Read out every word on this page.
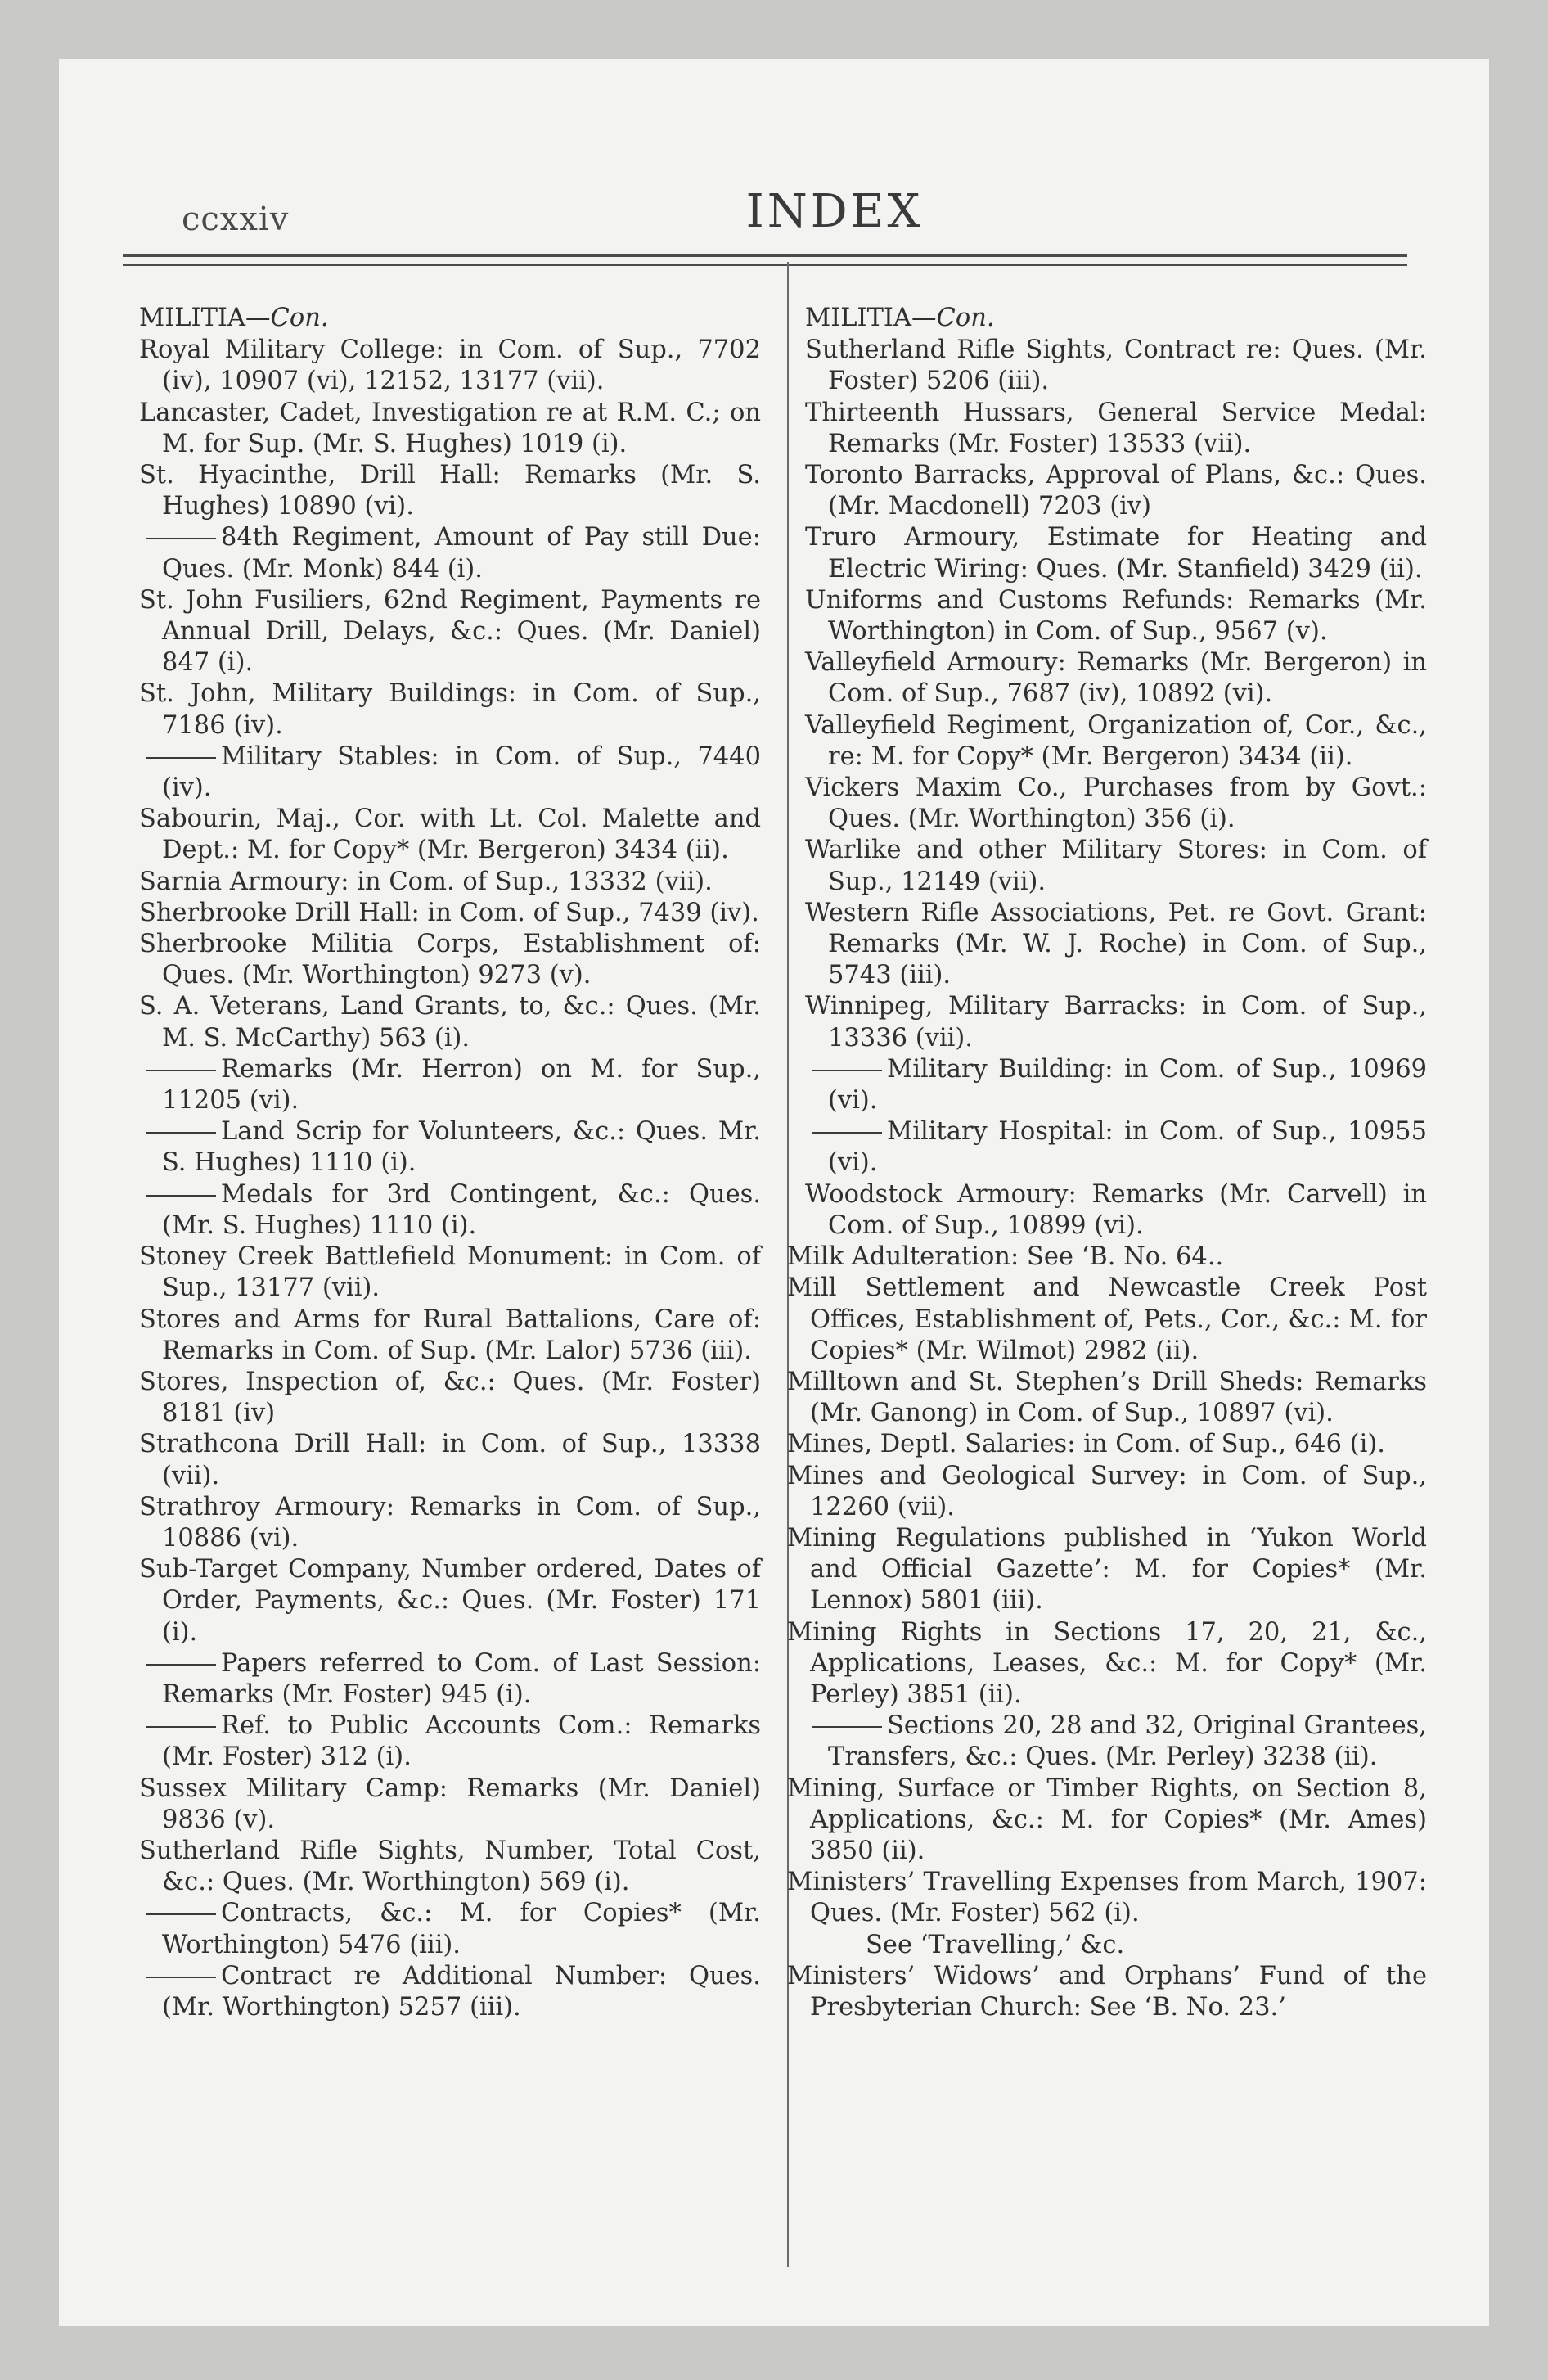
ccxxiv	INDEX

MILITIA—Con.

Royal Military College: in Com. of Sup., 7702 (iv), 10907 (vi), 12152, 13177 (vii).

Lancaster, Cadet, Investigation re at R.M. C.; on M. for Sup. (Mr. S. Hughes) 1019 (i).

St. Hyacinthe, Drill Hall: Remarks (Mr. S. Hughes) 10890 (vi).

84th Regiment, Amount of Pay still Due: Ques. (Mr. Monk) 844 (i).

St. John Fusiliers, 62nd Regiment, Payments re Annual Drill, Delays, &c.: Ques. (Mr. Daniel) 847 (i).

St. John, Military Buildings: in Com. of Sup., 7186 (iv).

Military Stables: in Com. of Sup., 7440 (iv).

Sabourin, Maj., Cor. with Lt. Col. Malette and Dept.: M. for Copy* (Mr. Bergeron) 3434 (ii).

Sarnia Armoury: in Com. of Sup., 13332 (vii).

Sherbrooke Drill Hall: in Com. of Sup., 7439 (iv).

Sherbrooke Militia Corps, Establishment of: Ques. (Mr. Worthington) 9273 (v).

S. A. Veterans, Land Grants, to, &c.: Ques. (Mr. M. S. McCarthy) 563 (i).

Remarks (Mr. Herron) on M. for Sup., 11205 (vi).

Land Scrip for Volunteers, &c.: Ques. Mr. S. Hughes) 1110 (i).

Medals for 3rd Contingent, &c.: Ques. (Mr. S. Hughes) 1110 (i).

Stoney Creek Battlefield Monument: in Com. of Sup., 13177 (vii).

Stores and Arms for Rural Battalions, Care of: Remarks in Com. of Sup. (Mr. Lalor) 5736 (iii).

Stores, Inspection of, &c.: Ques. (Mr. Foster) 8181 (iv)

Strathcona Drill Hall: in Com. of Sup., 13338 (vii).

Strathroy Armoury: Remarks in Com. of Sup., 10886 (vi).

Sub-Target Company, Number ordered, Dates of Order, Payments, &c.: Ques. (Mr. Foster) 171 (i).

Papers referred to Com. of Last Session: Remarks (Mr. Foster) 945 (i).

Ref. to Public Accounts Com.: Remarks (Mr. Foster) 312 (i).

Sussex Military Camp: Remarks (Mr. Daniel) 9836 (v).

Sutherland Rifle Sights, Number, Total Cost, &c.: Ques. (Mr. Worthington) 569 (i).

Contracts, &c.: M. for Copies* (Mr. Worthington) 5476 (iii).

Contract re Additional Number: Ques. (Mr. Worthington) 5257 (iii).

MILITIA—Con.

Sutherland Rifle Sights, Contract re: Ques. (Mr. Foster) 5206 (iii).

Thirteenth Hussars, General Service Medal: Remarks (Mr. Foster) 13533 (vii).

Toronto Barracks, Approval of Plans, &c.: Ques. (Mr. Macdonell) 7203 (iv)

Truro Armoury, Estimate for Heating and Electric Wiring: Ques. (Mr. Stanfield) 3429 (ii).

Uniforms and Customs Refunds: Remarks (Mr. Worthington) in Com. of Sup., 9567 (v).

Valleyfield Armoury: Remarks (Mr. Bergeron) in Com. of Sup., 7687 (iv), 10892 (vi).

Valleyfield Regiment, Organization of, Cor., &c., re: M. for Copy* (Mr. Bergeron) 3434 (ii).

Vickers Maxim Co., Purchases from by Govt.: Ques. (Mr. Worthington) 356 (i).

Warlike and other Military Stores: in Com. of Sup., 12149 (vii).

Western Rifle Associations, Pet. re Govt. Grant: Remarks (Mr. W. J. Roche) in Com. of Sup., 5743 (iii).

Winnipeg, Military Barracks: in Com. of Sup., 13336 (vii).

Military Building: in Com. of Sup., 10969 (vi).

Military Hospital: in Com. of Sup., 10955 (vi).

Woodstock Armoury: Remarks (Mr. Carvell) in Com. of Sup., 10899 (vi).

Milk Adulteration: See ‘B. No. 64..

Mill Settlement and Newcastle Creek Post Offices, Establishment of, Pets., Cor., &c.: M. for Copies* (Mr. Wilmot) 2982 (ii).

Milltown and St. Stephen’s Drill Sheds: Remarks (Mr. Ganong) in Com. of Sup., 10897 (vi).

Mines, Deptl. Salaries: in Com. of Sup., 646 (i).

Mines and Geological Survey: in Com. of Sup., 12260 (vii).

Mining Regulations published in ‘Yukon World and Official Gazette’: M. for Copies* (Mr. Lennox) 5801 (iii).

Mining Rights in Sections 17, 20, 21, &c., Applications, Leases, &c.: M. for Copy* (Mr. Perley) 3851 (ii).

Sections 20, 28 and 32, Original Grantees, Transfers, &c.: Ques. (Mr. Perley) 3238 (ii).

Mining, Surface or Timber Rights, on Section 8, Applications, &c.: M. for Copies* (Mr. Ames) 3850 (ii).

Ministers’ Travelling Expenses from March, 1907: Ques. (Mr. Foster) 562 (i).

See ‘Travelling,’ &c.

Ministers’ Widows’ and Orphans’ Fund of the Presbyterian Church: See ‘B. No. 23.’
